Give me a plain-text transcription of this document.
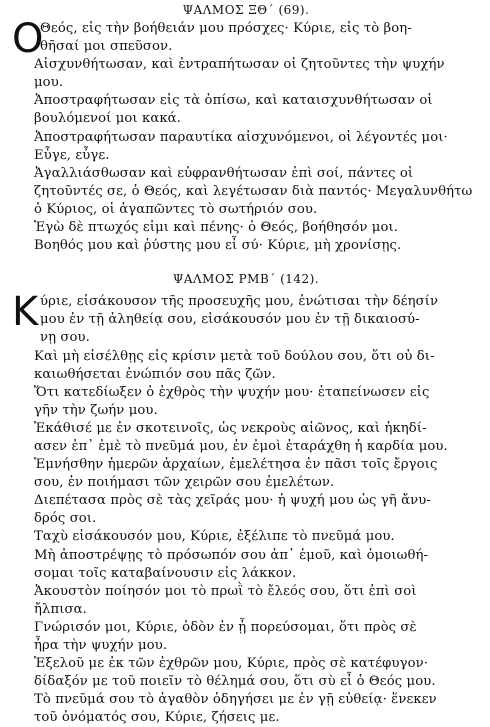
ΨΑΛΜΟΣ ΞΘ΄ (69).

Ο
Θεός, εἰς τὴν βοήθειάν μου πρόσχες· Κύριε, εἰς τὸ βοη-
θῆσαί μοι σπεῦσον.

Αἰσχυνθήτωσαν, καὶ ἐντραπήτωσαν οἱ ζητοῦντες τὴν ψυχήν
μου.

Ἀποστραφήτωσαν εἰς τὰ ὀπίσω, καὶ καταισχυνθήτωσαν οἱ
βουλόμενοί μοι κακά.

Ἀποστραφήτωσαν παραυτίκα αἰσχυνόμενοι, οἱ λέγοντές μοι·
Εὖγε, εὖγε.

Ἀγαλλιάσθωσαν καὶ εὐφρανθήτωσαν ἐπὶ σοί, πάντες οἱ
ζητοῦντές σε, ὁ Θεός, καὶ λεγέτωσαν διὰ παντός· Μεγαλυνθήτω
ὁ Κύριος, οἱ ἀγαπῶντες τὸ σωτήριόν σου.

Ἐγὼ δὲ πτωχός εἰμι καὶ πένης· ὁ Θεός, βοήθησόν μοι.

Βοηθός μου καὶ ῥύστης μου εἶ σύ· Κύριε, μὴ χρονίσῃς.

ΨΑΛΜΟΣ ΡΜΒ΄ (142).

Κ ύριε, εἰσάκουσον τῆς προσευχῆς μου, ἐνώτισαι τὴν δέησίν
μου ἐν τῇ ἀληθείᾳ σου, εἰσάκουσόν μου ἐν τῇ δικαιοσύ-
νῃ σου.

Καὶ μὴ εἰσέλθῃς εἰς κρίσιν μετὰ τοῦ δούλου σου, ὅτι οὐ δι-
καιωθήσεται ἐνώπιόν σου πᾶς ζῶν.

Ὅτι κατεδίωξεν ὁ ἐχθρὸς τὴν ψυχήν μου· ἐταπείνωσεν εἰς
γῆν τὴν ζωήν μου.

Ἐκάθισέ με ἐν σκοτεινοῖς, ὡς νεκροὺς αἰῶνος, καὶ ἠκηδί-
ασεν ἐπ᾽ ἐμὲ τὸ πνεῦμά μου, ἐν ἐμοὶ ἐταράχθη ἡ καρδία μου.

Ἐμνήσθην ἡμερῶν ἀρχαίων, ἐμελέτησα ἐν πᾶσι τοῖς ἔργοις
σου, ἐν ποιήμασι τῶν χειρῶν σου ἐμελέτων.

Διεπέτασα πρὸς σὲ τὰς χεῖράς μου· ἡ ψυχή μου ὡς γῆ ἄνυ-
δρός σοι.

Ταχὺ εἰσάκουσόν μου, Κύριε, ἐξέλιπε τὸ πνεῦμά μου.

Μὴ ἀποστρέψῃς τὸ πρόσωπόν σου ἀπ᾽ ἐμοῦ, καὶ ὁμοιωθή-
σομαι τοῖς καταβαίνουσιν εἰς λάκκον.

Ἀκουστὸν ποίησόν μοι τὸ πρωῒ τὸ ἔλεός σου, ὅτι ἐπὶ σοὶ
ἤλπισα.

Γνώρισόν μοι, Κύριε, ὁδὸν ἐν ᾗ πορεύσομαι, ὅτι πρὸς σὲ
ἦρα τὴν ψυχήν μου.

Ἐξελοῦ με ἐκ τῶν ἐχθρῶν μου, Κύριε, πρὸς σὲ κατέφυγον·
δίδαξόν με τοῦ ποιεῖν τὸ θέλημά σου, ὅτι σὺ εἶ ὁ Θεός μου.

Τὸ πνεῦμά σου τὸ ἀγαθὸν ὁδηγήσει με ἐν γῇ εὐθείᾳ· ἕνεκεν
τοῦ ὀνόματός σου, Κύριε, ζήσεις με.
